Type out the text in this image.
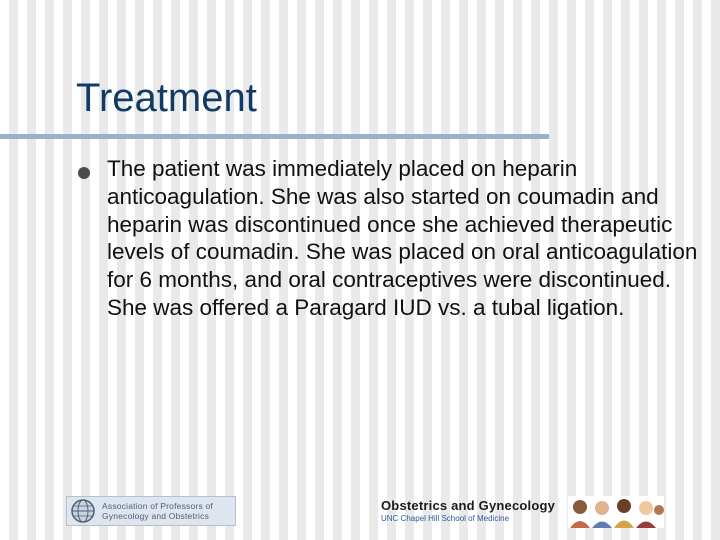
Treatment
The patient was immediately placed on heparin anticoagulation. She was also started on coumadin and heparin was discontinued once she achieved therapeutic levels of coumadin. She was placed on oral anticoagulation for 6 months, and oral contraceptives were discontinued. She was offered a Paragard IUD vs. a tubal ligation.
Association of Professors of
Gynecology and Obstetrics
Obstetrics and Gynecology
UNC Chapel Hill School of Medicine
